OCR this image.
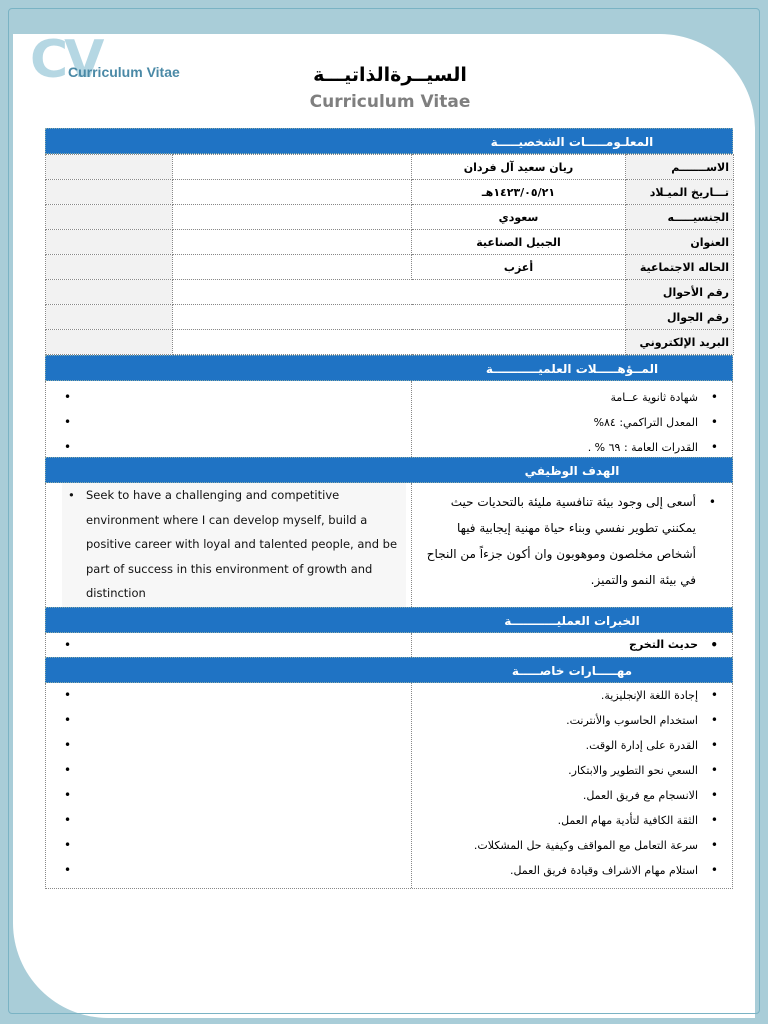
CV
Curriculum Vitae	السيــرةالذاتيـــة
Curriculum Vitae
المعلـومـــــات الشخصيـــــة
		ريان سعيد آل فردان	الاســـــــم
		١٤٢٣/٠٥/٢١هـ	تـــاريخ الميـلاد
		سعودي	الجنسيـــــه
		الجبيل الصناعية	العنوان
		أعزب	الحاله الاجتماعية
			رقم الأحوال
			رقم الجوال
			البريد الإلكتروني
المــؤهـــــلات العلميـــــــــــة
•
•
•
• شهادة ثانوية عــامة
• المعدل التراكمي: ٨٤%
• القدرات العامة : ٦٩ % .
الهدف الوظيفي

• Seek to have a challenging and competitive environment where I can develop myself, build a positive career with loyal and talented people, and be part of success in this environment of growth and distinction

• أسعى إلى وجود بيئة تنافسية مليئة بالتحديات حيث يمكنني تطوير نفسي وبناء حياة مهنية إيجابية فيها أشخاص مخلصون وموهوبون وان أكون جزءاً من النجاح في بيئة النمو والتميز.

الخبرات العمليـــــــــــة
•
• حديث التخرج
مهـــــارات خاصـــــة
•
•
•
•
•
•
•
•
• إجادة اللغة الإنجليزية.
• استخدام الحاسوب والأنترنت.
• القدرة على إدارة الوقت.
• السعي نحو التطوير والابتكار.
• الانسجام مع فريق العمل.
• الثقة الكافية لتأدية مهام العمل.
• سرعة التعامل مع المواقف وكيفية حل المشكلات.
• استلام مهام الاشراف وقيادة فريق العمل.
